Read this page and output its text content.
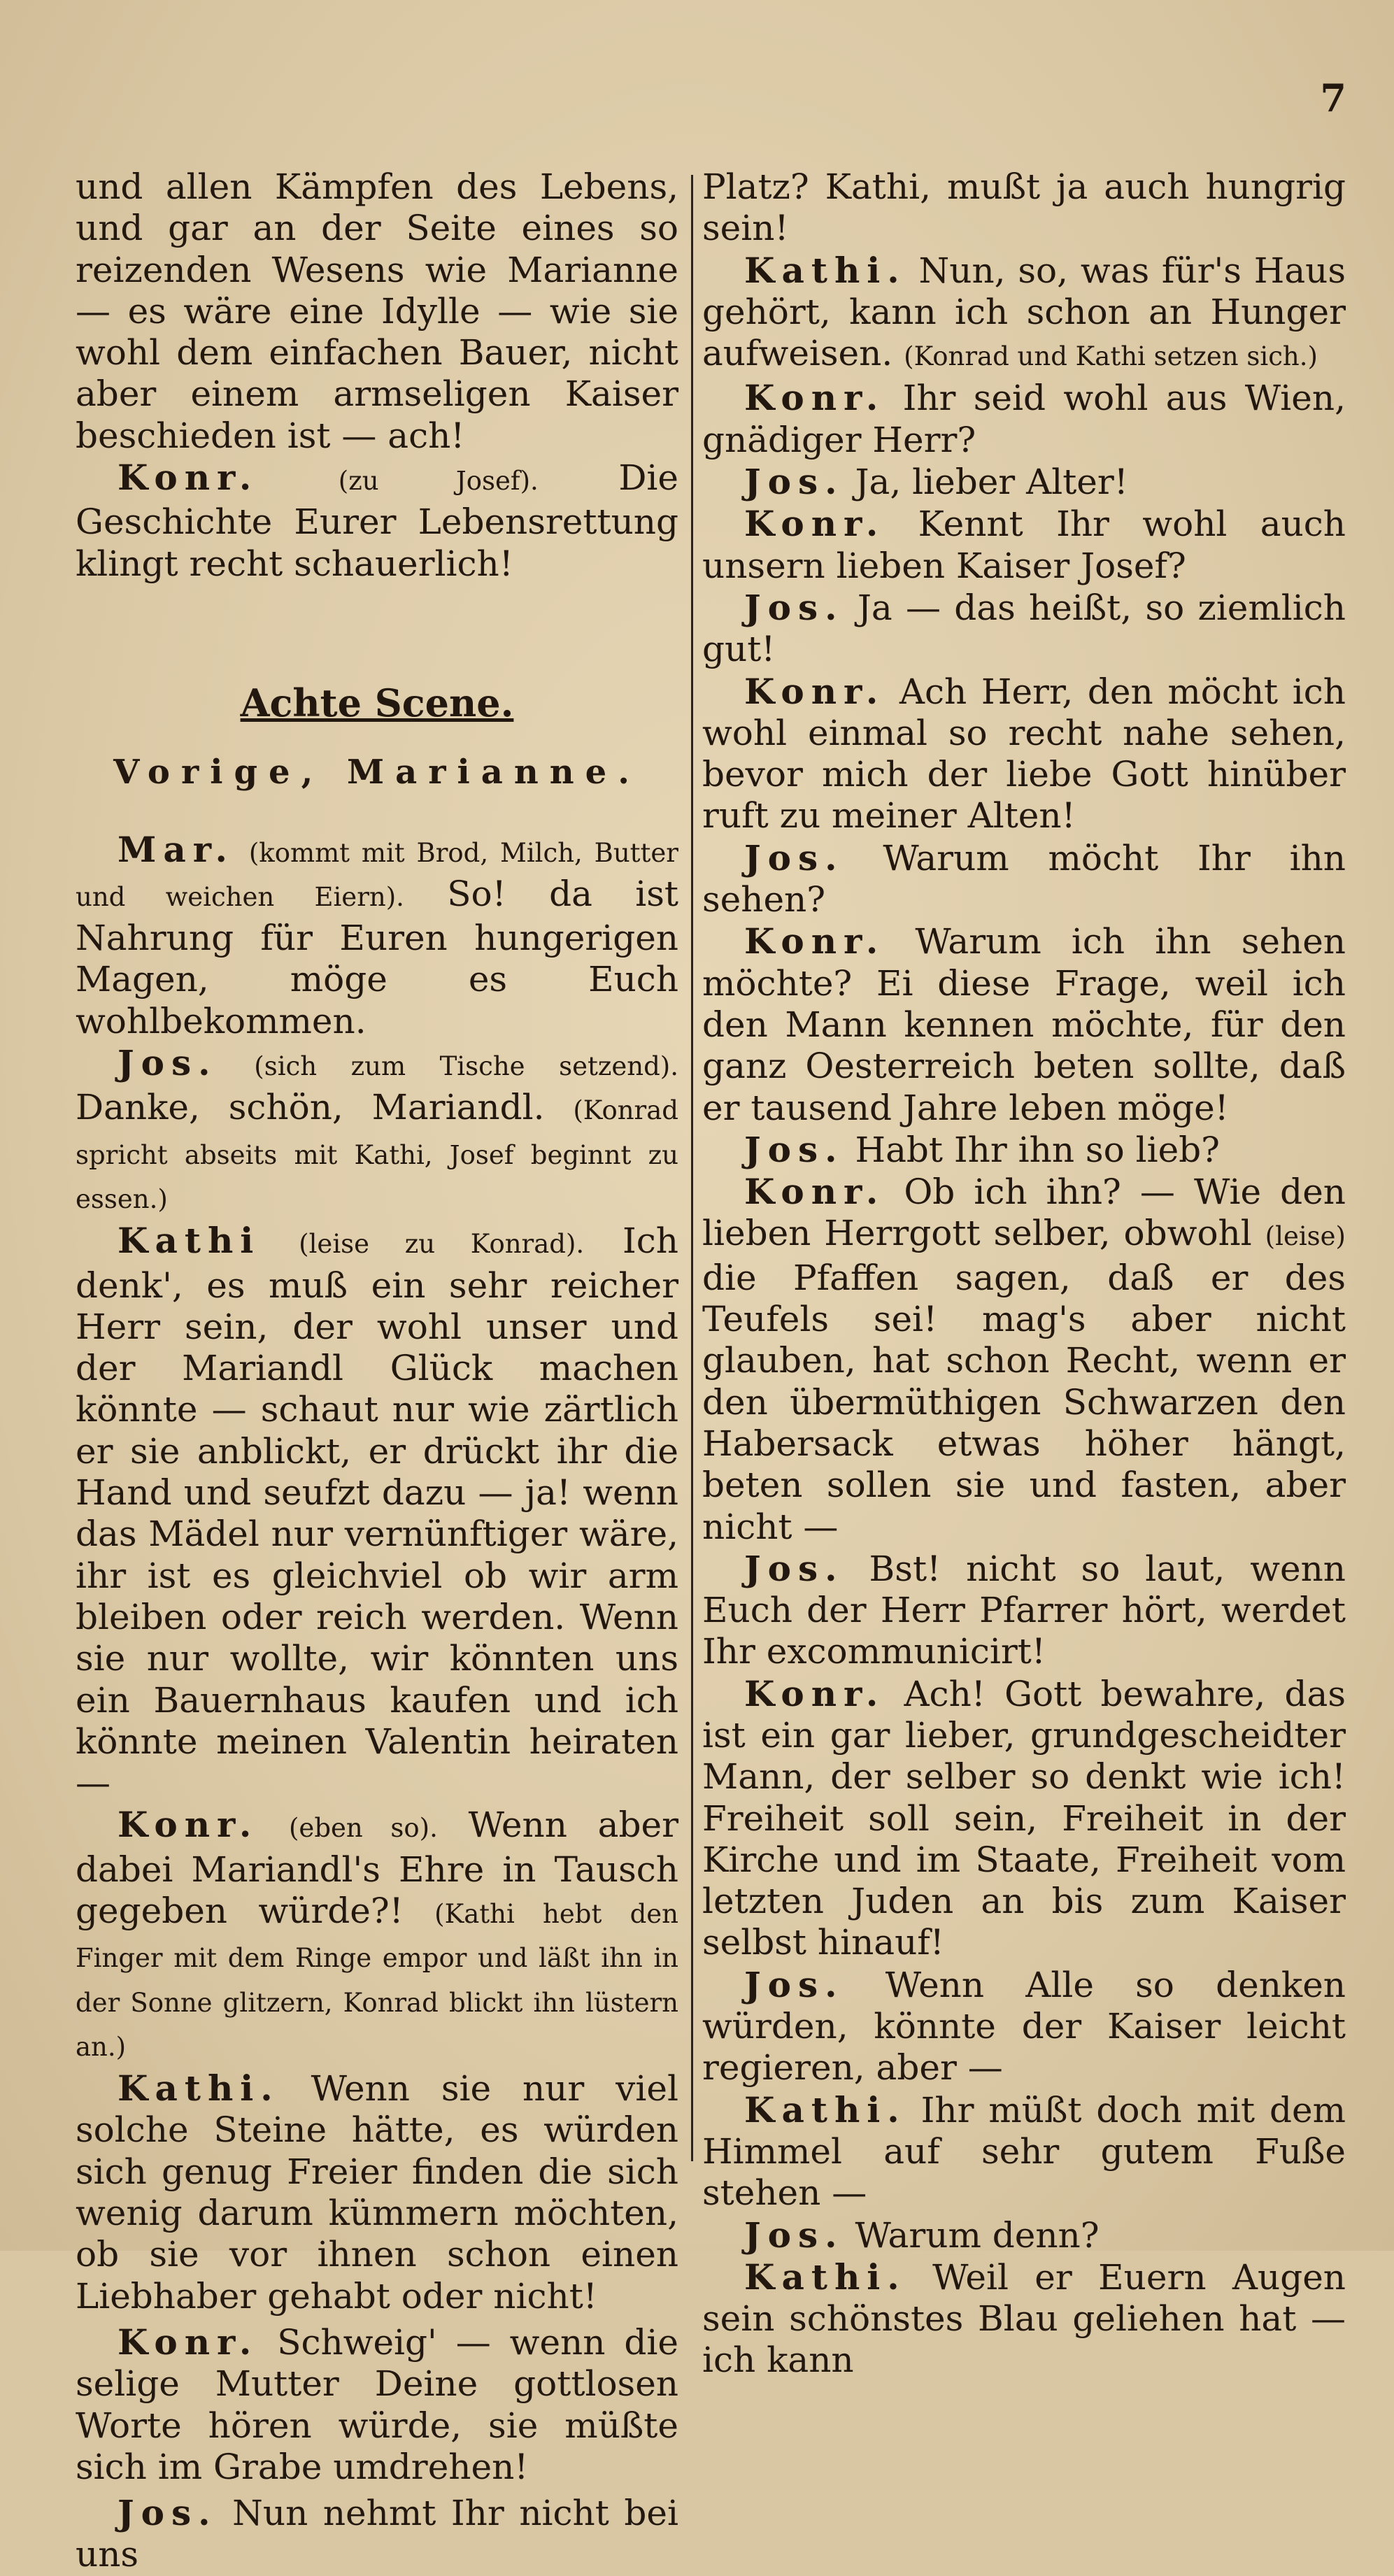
7

und allen Kämpfen des Lebens, und gar an der Seite eines so reizenden Wesens wie Marianne — es wäre eine Idylle — wie sie wohl dem einfachen Bauer, nicht aber einem armseligen Kaiser beschieden ist — ach!

Konr.	(zu Josef). Die Geschichte Eurer Lebensrettung klingt recht schauerlich!

Achte Scene.
Vorige, Marianne.

Mar. (kommt mit Brod, Milch, Butter und weichen Eiern). So! da ist Nahrung für Euren hungerigen Magen, möge es Euch wohlbekommen.

Jos. (sich zum Tische setzend). Danke, schön, Mariandl. (Konrad spricht abseits mit Kathi, Josef beginnt zu essen.)

Kathi (leise zu Konrad). Ich denk', es muß ein sehr reicher Herr sein, der wohl unser und der Mariandl Glück machen könnte — schaut nur wie zärtlich er sie anblickt, er drückt ihr die Hand und seufzt dazu — ja! wenn das Mädel nur vernünftiger wäre, ihr ist es gleichviel ob wir arm bleiben oder reich werden. Wenn sie nur wollte, wir könnten uns ein Bauernhaus kaufen und ich könnte meinen Valentin heiraten —

Konr. (eben so). Wenn aber dabei Mariandl's Ehre in Tausch gegeben würde?! (Kathi hebt den Finger mit dem Ringe empor und läßt ihn in der Sonne glitzern, Konrad blickt ihn lüstern an.)

Kathi. Wenn sie nur viel solche Steine hätte, es würden sich genug Freier finden die sich wenig darum kümmern möchten, ob sie vor ihnen schon einen Liebhaber gehabt oder nicht!

Konr. Schweig' — wenn die selige Mutter Deine gottlosen Worte hören würde, sie müßte sich im Grabe umdrehen!

Jos. Nun nehmt Ihr nicht bei uns

Platz? Kathi, mußt ja auch hungrig sein!

Kathi. Nun, so, was für's Haus gehört, kann ich schon an Hunger aufweisen. (Konrad und Kathi setzen sich.)

Konr. Ihr seid wohl aus Wien, gnädiger Herr?

Jos. Ja, lieber Alter!

Konr. Kennt Ihr wohl auch unsern lieben Kaiser Josef?

Jos. Ja — das heißt, so ziemlich gut!

Konr. Ach Herr, den möcht ich wohl einmal so recht nahe sehen, bevor mich der liebe Gott hinüber ruft zu meiner Alten!

Jos. Warum möcht Ihr ihn sehen?

Konr. Warum ich ihn sehen möchte? Ei diese Frage, weil ich den Mann kennen möchte, für den ganz Oesterreich beten sollte, daß er tausend Jahre leben möge!

Jos. Habt Ihr ihn so lieb?

Konr. Ob ich ihn? — Wie den lieben Herrgott selber, obwohl (leise) die Pfaffen sagen, daß er des Teufels sei! mag's aber nicht glauben, hat schon Recht, wenn er den übermüthigen Schwarzen den Habersack etwas höher hängt, beten sollen sie und fasten, aber nicht —

Jos. Bst! nicht so laut, wenn Euch der Herr Pfarrer hört, werdet Ihr excommunicirt!

Konr. Ach! Gott bewahre, das ist ein gar lieber, grundgescheidter Mann, der selber so denkt wie ich! Freiheit soll sein, Freiheit in der Kirche und im Staate, Freiheit vom letzten Juden an bis zum Kaiser selbst hinauf!

Jos. Wenn Alle so denken würden, könnte der Kaiser leicht regieren, aber —

Kathi. Ihr müßt doch mit dem Himmel auf sehr gutem Fuße stehen —

Jos. Warum denn?

Kathi. Weil er Euern Augen sein schönstes Blau geliehen hat — ich kann
